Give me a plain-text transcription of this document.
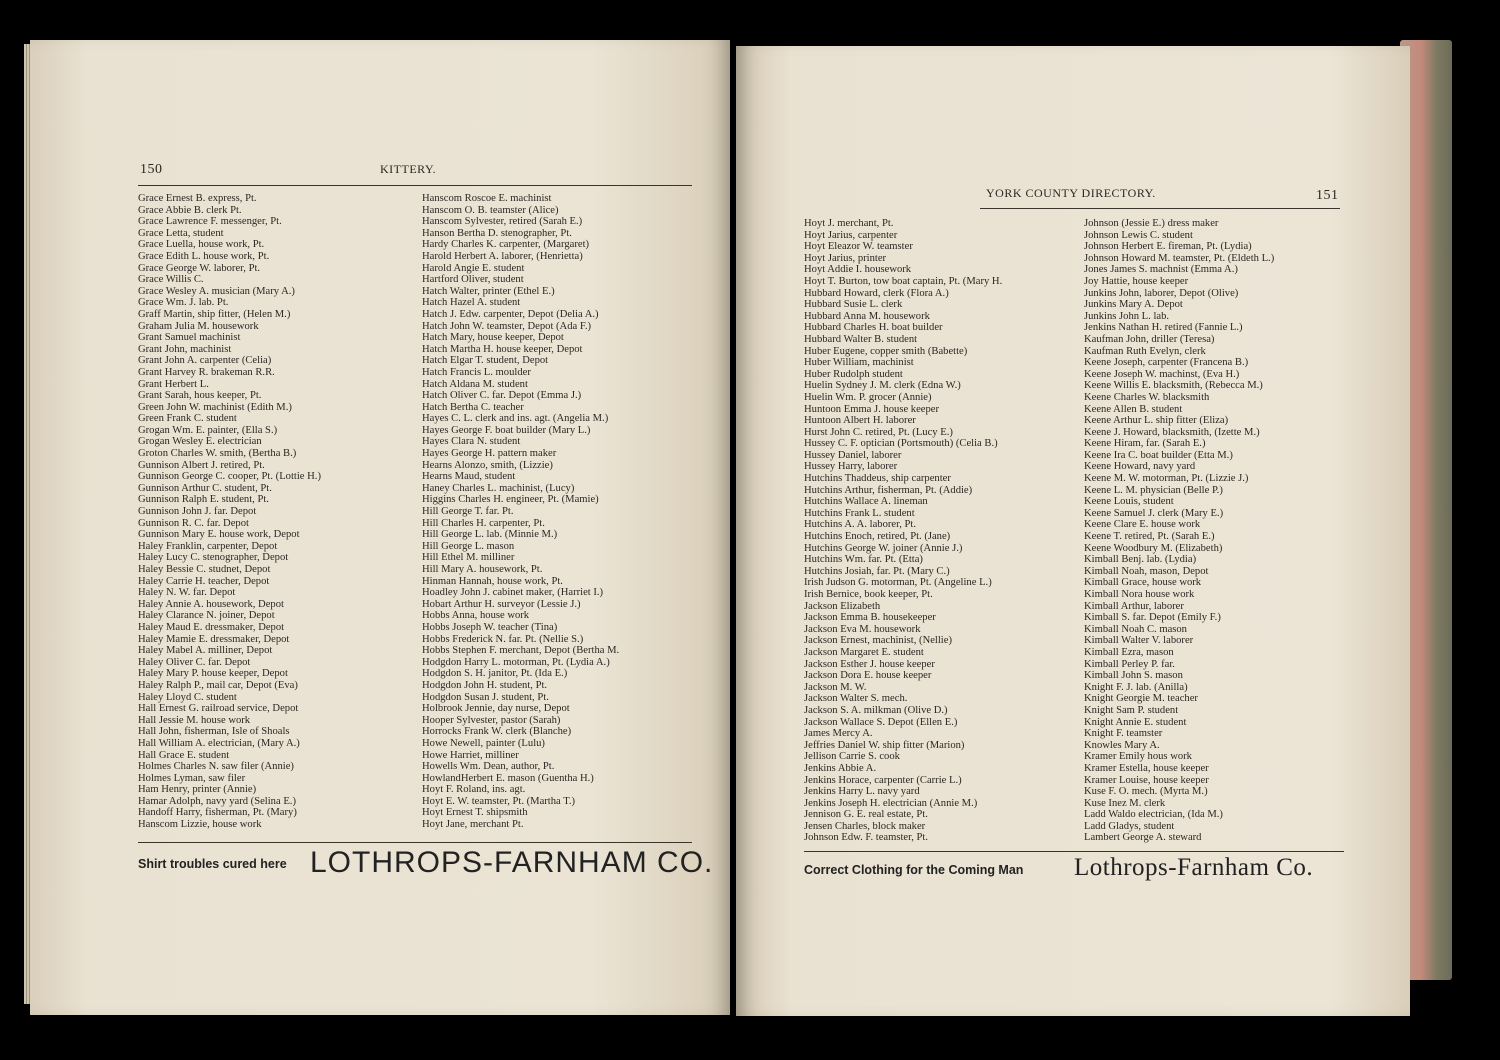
150	KITTERY.
Grace Ernest B. express, Pt.
Grace Abbie B. clerk Pt.
Grace Lawrence F. messenger, Pt.
Grace Letta, student
Grace Luella, house work, Pt.
Grace Edith L. house work, Pt.
Grace George W. laborer, Pt.
Grace Willis C.
Grace Wesley A. musician (Mary A.)
Grace Wm. J. lab. Pt.
Graff Martin, ship fitter, (Helen M.)
Graham Julia M. housework
Grant Samuel machinist
Grant John, machinist
Grant John A. carpenter (Celia)
Grant Harvey R. brakeman R.R.
Grant Herbert L.
Grant Sarah, hous keeper, Pt.
Green John W. machinist (Edith M.)
Green Frank C. student
Grogan Wm. E. painter, (Ella S.)
Grogan Wesley E. electrician
Groton Charles W. smith, (Bertha B.)
Gunnison Albert J. retired, Pt.
Gunnison George C. cooper, Pt. (Lottie H.)
Gunnison Arthur C. student, Pt.
Gunnison Ralph E. student, Pt.
Gunnison John J. far. Depot
Gunnison R. C. far. Depot
Gunnison Mary E. house work, Depot
Haley Franklin, carpenter, Depot
Haley Lucy C. stenographer, Depot
Haley Bessie C. studnet, Depot
Haley Carrie H. teacher, Depot
Haley N. W. far. Depot
Haley Annie A. housework, Depot
Haley Clarance N. joiner, Depot
Haley Maud E. dressmaker, Depot
Haley Mamie E. dressmaker, Depot
Haley Mabel A. milliner, Depot
Haley Oliver C. far. Depot
Haley Mary P. house keeper, Depot
Haley Ralph P., mail car, Depot (Eva)
Haley Lloyd C. student
Hall Ernest G. railroad service, Depot
Hall Jessie M. house work
Hall John, fisherman, Isle of Shoals
Hall William A. electrician, (Mary A.)
Hall Grace E. student
Holmes Charles N. saw filer (Annie)
Holmes Lyman, saw filer
Ham Henry, printer (Annie)
Hamar Adolph, navy yard (Selina E.)
Handoff Harry, fisherman, Pt. (Mary)
Hanscom Lizzie, house work
Hanscom Roscoe E. machinist
Hanscom O. B. teamster (Alice)
Hanscom Sylvester, retired (Sarah E.)
Hanson Bertha D. stenographer, Pt.
Hardy Charles K. carpenter, (Margaret)
Harold Herbert A. laborer, (Henrietta)
Harold Angie E. student
Hartford Oliver, student
Hatch Walter, printer (Ethel E.)
Hatch Hazel A. student
Hatch J. Edw. carpenter, Depot (Delia A.)
Hatch John W. teamster, Depot (Ada F.)
Hatch Mary, house keeper, Depot
Hatch Martha H. house keeper, Depot
Hatch Elgar T. student, Depot
Hatch Francis L. moulder
Hatch Aldana M. student
Hatch Oliver C. far. Depot (Emma J.)
Hatch Bertha C. teacher
Hayes C. L. clerk and ins. agt. (Angelia M.)
Hayes George F. boat builder (Mary L.)
Hayes Clara N. student
Hayes George H. pattern maker
Hearns Alonzo, smith, (Lizzie)
Hearns Maud, student
Haney Charles L. machinist, (Lucy)
Higgins Charles H. engineer, Pt. (Mamie)
Hill George T. far. Pt.
Hill Charles H. carpenter, Pt.
Hill George L. lab. (Minnie M.)
Hill George L. mason
Hill Ethel M. milliner
Hill Mary A. housework, Pt.
Hinman Hannah, house work, Pt.
Hoadley John J. cabinet maker, (Harriet I.)
Hobart Arthur H. surveyor (Lessie J.)
Hobbs Anna, house work
Hobbs Joseph W. teacher (Tina)
Hobbs Frederick N. far. Pt. (Nellie S.)
Hobbs Stephen F. merchant, Depot (Bertha M.
Hodgdon Harry L. motorman, Pt. (Lydia A.)
Hodgdon S. H. janitor, Pt. (Ida E.)
Hodgdon John H. student, Pt.
Hodgdon Susan J. student, Pt.
Holbrook Jennie, day nurse, Depot
Hooper Sylvester, pastor (Sarah)
Horrocks Frank W. clerk (Blanche)
Howe Newell, painter (Lulu)
Howe Harriet, milliner
Howells Wm. Dean, author, Pt.
HowlandHerbert E. mason (Guentha H.)
Hoyt F. Roland, ins. agt.
Hoyt E. W. teamster, Pt. (Martha T.)
Hoyt Ernest T. shipsmith
Hoyt Jane, merchant Pt.
Shirt troubles cured here LOTHROPS-FARNHAM CO.
YORK COUNTY DIRECTORY.	151
Hoyt J. merchant, Pt.
Hoyt Jarius, carpenter
Hoyt Eleazor W. teamster
Hoyt Jarius, printer
Hoyt Addie I. housework
Hoyt T. Burton, tow boat captain, Pt. (Mary H.
Hubbard Howard, clerk (Flora A.)
Hubbard Susie L. clerk
Hubbard Anna M. housework
Hubbard Charles H. boat builder
Hubbard Walter B. student
Huber Eugene, copper smith (Babette)
Huber William, machinist
Huber Rudolph student
Huelin Sydney J. M. clerk (Edna W.)
Huelin Wm. P. grocer (Annie)
Huntoon Emma J. house keeper
Huntoon Albert H. laborer
Hurst John C. retired, Pt. (Lucy E.)
Hussey C. F. optician (Portsmouth) (Celia B.)
Hussey Daniel, laborer
Hussey Harry, laborer
Hutchins Thaddeus, ship carpenter
Hutchins Arthur, fisherman, Pt. (Addie)
Hutchins Wallace A. lineman
Hutchins Frank L. student
Hutchins A. A. laborer, Pt.
Hutchins Enoch, retired, Pt. (Jane)
Hutchins George W. joiner (Annie J.)
Hutchins Wm. far. Pt. (Etta)
Hutchins Josiah, far. Pt. (Mary C.)
Irish Judson G. motorman, Pt. (Angeline L.)
Irish Bernice, book keeper, Pt.
Jackson Elizabeth
Jackson Emma B. housekeeper
Jackson Eva M. housework
Jackson Ernest, machinist, (Nellie)
Jackson Margaret E. student
Jackson Esther J. house keeper
Jackson Dora E. house keeper
Jackson M. W.
Jackson Walter S. mech.
Jackson S. A. milkman (Olive D.)
Jackson Wallace S. Depot (Ellen E.)
James Mercy A.
Jeffries Daniel W. ship fitter (Marion)
Jellison Carrie S. cook
Jenkins Abbie A.
Jenkins Horace, carpenter (Carrie L.)
Jenkins Harry L. navy yard
Jenkins Joseph H. electrician (Annie M.)
Jennison G. E. real estate, Pt.
Jensen Charles, block maker
Johnson Edw. F. teamster, Pt.
Johnson (Jessie E.) dress maker
Johnson Lewis C. student
Johnson Herbert E. fireman, Pt. (Lydia)
Johnson Howard M. teamster, Pt. (Eldeth L.)
Jones James S. machnist (Emma A.)
Joy Hattie, house keeper
Junkins John, laborer, Depot (Olive)
Junkins Mary A. Depot
Junkins John L. lab.
Jenkins Nathan H. retired (Fannie L.)
Kaufman John, driller (Teresa)
Kaufman Ruth Evelyn, clerk
Keene Joseph, carpenter (Francena B.)
Keene Joseph W. machinst, (Eva H.)
Keene Willis E. blacksmith, (Rebecca M.)
Keene Charles W. blacksmith
Keene Allen B. student
Keene Arthur L. ship fitter (Eliza)
Keene J. Howard, blacksmith, (Izette M.)
Keene Hiram, far. (Sarah E.)
Keene Ira C. boat builder (Etta M.)
Keene Howard, navy yard
Keene M. W. motorman, Pt. (Lizzie J.)
Keene L. M. physician (Belle P.)
Keene Louis, student
Keene Samuel J. clerk (Mary E.)
Keene Clare E. house work
Keene T. retired, Pt. (Sarah E.)
Keene Woodbury M. (Elizabeth)
Kimball Benj. lab. (Lydia)
Kimball Noah, mason, Depot
Kimball Grace, house work
Kimball Nora house work
Kimball Arthur, laborer
Kimball S. far. Depot (Emily F.)
Kimball Noah C. mason
Kimball Walter V. laborer
Kimball Ezra, mason
Kimball Perley P. far.
Kimball John S. mason
Knight F. J. lab. (Anilla)
Knight Georgie M. teacher
Knight Sam P. student
Knight Annie E. student
Knight F. teamster
Knowles Mary A.
Kramer Emily hous work
Kramer Estella, house keeper
Kramer Louise, house keeper
Kuse F. O. mech. (Myrta M.)
Kuse Inez M. clerk
Ladd Waldo electrician, (Ida M.)
Ladd Gladys, student
Lambert George A. steward
Correct Clothing for the Coming Man Lothrops-Farnham Co.
